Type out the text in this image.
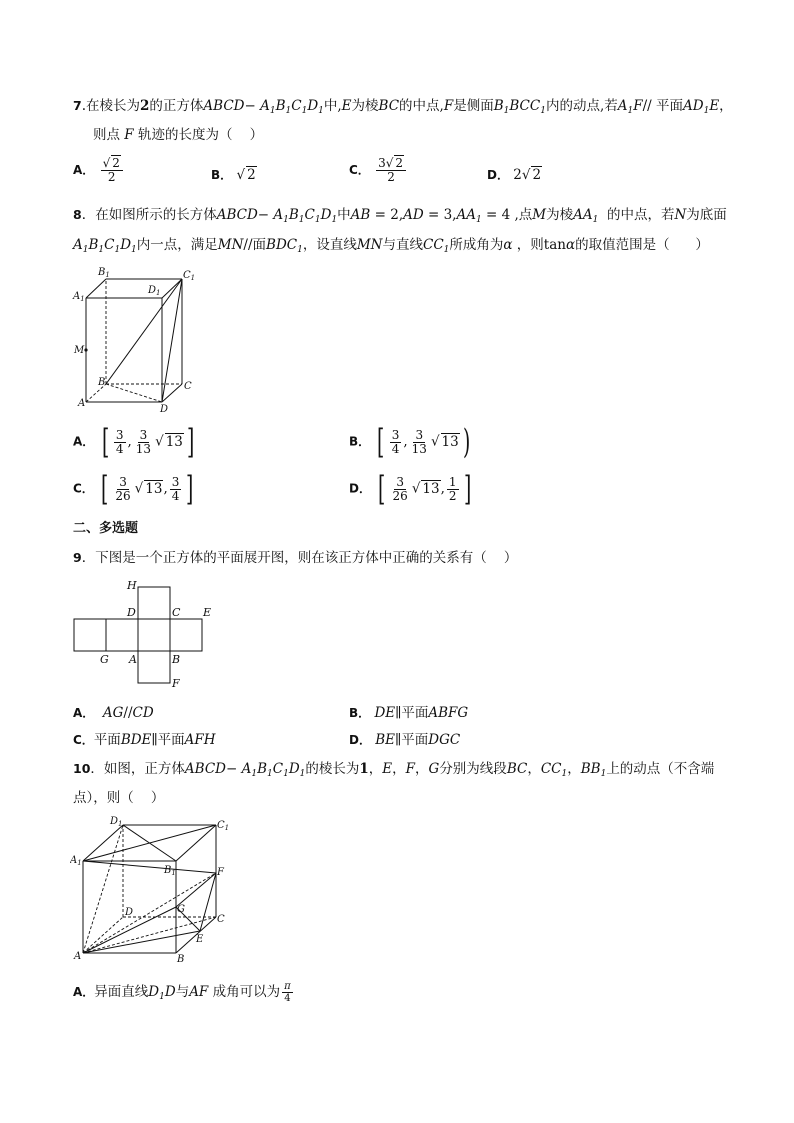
7.在棱长为2的正方体ABCD− $A_1B_1C_1D_1$中,E为棱BC的中点,F是侧面$B_1BCC_1$内的动点,若$A_1F//$ 平面$AD_1E$，
则点 F 轨迹的长度为（    ）
A． $\frac{√ 2}{2}$	B． √ 2	C． $\frac{3√ 2}{2}$	D． 2√ 2
8．在如图所示的长方体ABCD− $A_1B_1C_1D_1$中AB = $2,AD = 3,AA_1 = 4$ ,点M为棱$AA_1$  的中点，若N为底面
$A_1B_1C_1D_1$内一点，满足MN//面$BDC_1$，设直线MN与直线$CC_1$所成角为α ，则tanα的取值范围是（      ）
$B_1$	$C_1$
$A_1$
$D_1$
M
B	C
A
D
A． [ $\frac{3}{4}$ , $\frac{3}{13}$ √ 13 ]	B． [ $\frac{3}{4}$ , $\frac{3}{13}$ √ 13 )
C． [ $\frac{3}{26}$ √ 13, $\frac{3}{4}$ ]	D． [ $\frac{3}{26}$ √ 13, $\frac{1}{2}$ ]
二、多选题
9．下图是一个正方体的平面展开图，则在该正方体中正确的关系有（    ）
H
D	C E
G A	B
F
A．  AG//CD	B． DE∥平面ABFG
C．平面BDE∥平面AFH	D． BE∥平面DGC
10．如图，正方体ABCD− $A_1B_1C_1D_1$的棱长为1，E，F，G分别为线段BC，$CC_1$，$BB_1$上的动点（不含端
点），则（    ）
$D_1$	$C_1$
$A_1$
$B_1$	F
D	G
C
E
A	B
A．异面直线$D_1D$与AF 成角可以为 $\frac{\pi}{4}$
